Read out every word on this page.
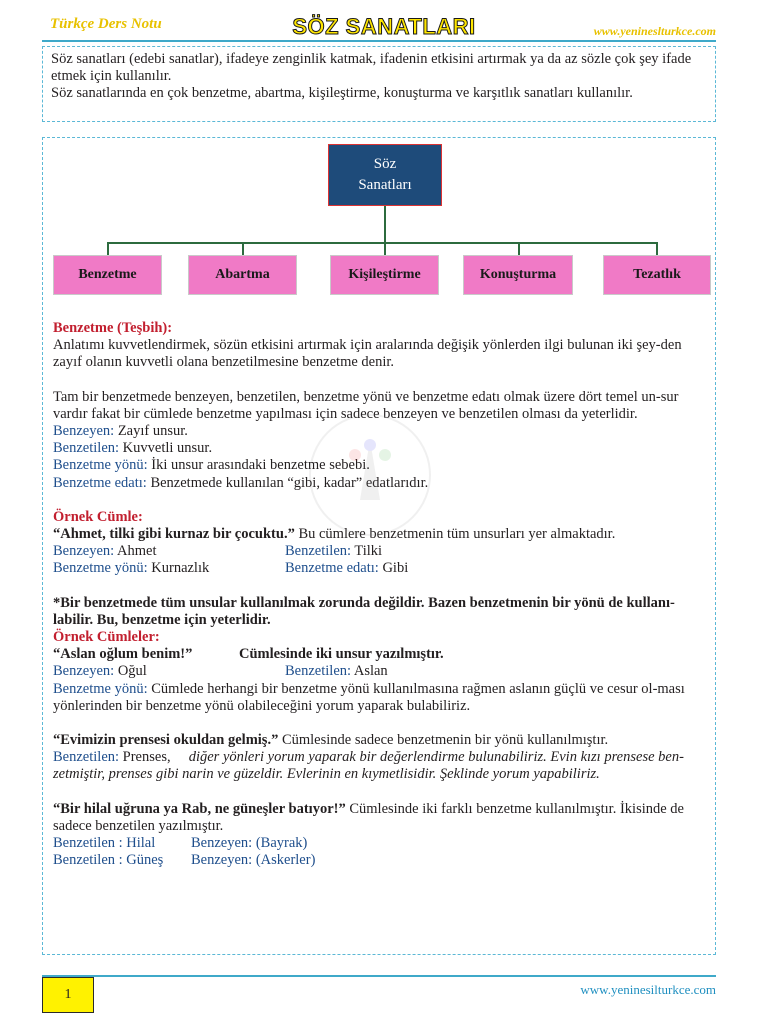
Türkçe Ders Notu	SÖZ SANATLARI	www.yenineslturkce.com
Söz sanatları (edebi sanatlar), ifadeye zenginlik katmak, ifadenin etkisini artırmak ya da az sözle çok şey ifade etmek için kullanılır.
Söz sanatlarında en çok benzetme, abartma, kişileştirme, konuşturma ve karşıtlık sanatları kullanılır.
Söz Sanatları
Benzetme	Abartma	Kişileştirme	Konuşturma	Tezatlık

Benzetme (Teşbih):

Anlatımı kuvvetlendirmek, sözün etkisini artırmak için aralarında değişik yönlerden ilgi bulunan iki şey-den zayıf olanın kuvvetli olana benzetilmesine benzetme denir.

Tam bir benzetmede benzeyen, benzetilen, benzetme yönü ve benzetme edatı olmak üzere dört temel un-sur vardır fakat bir cümlede benzetme yapılması için sadece benzeyen ve benzetilen olması da yeterlidir.

Benzeyen: Zayıf unsur.

Benzetilen: Kuvvetli unsur.

Benzetme yönü: İki unsur arasındaki benzetme sebebi.

Benzetme edatı: Benzetmede kullanılan “gibi, kadar” edatlarıdır.

Örnek Cümle:

“Ahmet, tilki gibi kurnaz bir çocuktu.” Bu cümlere benzetmenin tüm unsurları yer almaktadır.

Benzeyen: Ahmet	Benzetilen: Tilki
Benzetme yönü: Kurnazlık	Benzetme edatı: Gibi

*Bir benzetmede tüm unsular kullanılmak zorunda değildir. Bazen benzetmenin bir yönü de kullanı-labilir. Bu, benzetme için yeterlidir.

Örnek Cümleler:

“Aslan oğlum benim!”	Cümlesinde iki unsur yazılmıştır.
Benzeyen: Oğul	Benzetilen: Aslan

Benzetme yönü: Cümlede herhangi bir benzetme yönü kullanılmasına rağmen aslanın güçlü ve cesur ol-ması yönlerinden bir benzetme yönü olabileceğini yorum yaparak bulabiliriz.

“Evimizin prensesi okuldan gelmiş.” Cümlesinde sadece benzetmenin bir yönü kullanılmıştır.

Benzetilen: Prenses, diğer yönleri yorum yaparak bir değerlendirme bulunabiliriz. Evin kızı prensese ben-zetmiştir, prenses gibi narin ve güzeldir. Evlerinin en kıymetlisidir. Şeklinde yorum yapabiliriz.

“Bir hilal uğruna ya Rab, ne güneşler batıyor!” Cümlesinde iki farklı benzetme kullanılmıştır. İkisinde de sadece benzetilen yazılmıştır.

Benzetilen : Hilal	Benzeyen: (Bayrak)
Benzetilen : Güneş	Benzeyen: (Askerler)
1	www.yeninesilturkce.com
